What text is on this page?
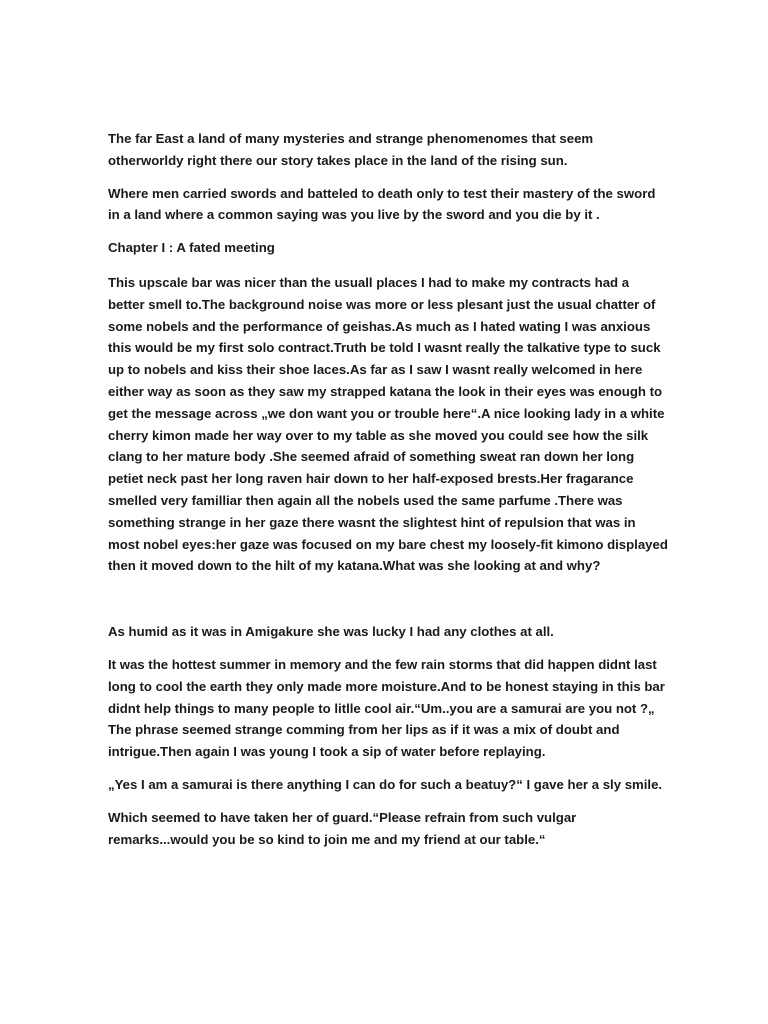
The far East a land of many mysteries and strange phenomenomes that seem otherworldy right there our story takes place in the land of the rising sun.

Where men carried swords and batteled to death only to test their mastery of the sword in a land where a common saying was you live by the sword and you die by it .

Chapter I : A fated meeting

This upscale bar was nicer than the usuall places I had to make my contracts had a better smell to.The background noise was more or less plesant just the usual chatter of some nobels and the performance of geishas.As much as I hated wating I was anxious this would be my first solo contract.Truth be told I wasnt really the talkative type to suck up to nobels and kiss their shoe laces.As far as I saw I wasnt really welcomed in here either way as soon as they saw my strapped katana the look in their eyes was enough to get the message across „we don want you or trouble here“.A nice looking lady in a white cherry kimon made her way over to my table as she moved you could see how the silk clang to her mature body .She seemed afraid of something sweat ran down her long petiet neck past her long raven hair down to her half-exposed brests.Her fragarance smelled very familliar then again all the nobels used the same parfume .There was something strange in her gaze there wasnt the slightest hint of repulsion that was in most nobel eyes:her gaze was focused on my bare chest my loosely-fit kimono displayed then it moved down to the hilt of my katana.What was she looking at and why?

As humid as it was in Amigakure she was lucky I had any clothes at all.

It was the hottest summer in memory and the few rain storms that did happen didnt last long to cool the earth they only made more moisture.And to be honest staying in this bar didnt help things to many people to litlle cool air.“Um..you are a samurai are you not ?„ The phrase seemed strange comming from her lips as if it was a mix of doubt and intrigue.Then again I was young I took a sip of water before replaying.

„Yes I am a samurai is there anything I can do for such a beatuy?“ I gave her a sly smile.

Which seemed to have taken her of guard.“Please refrain from such vulgar remarks...would you be so kind to join me and my friend at our table.“
